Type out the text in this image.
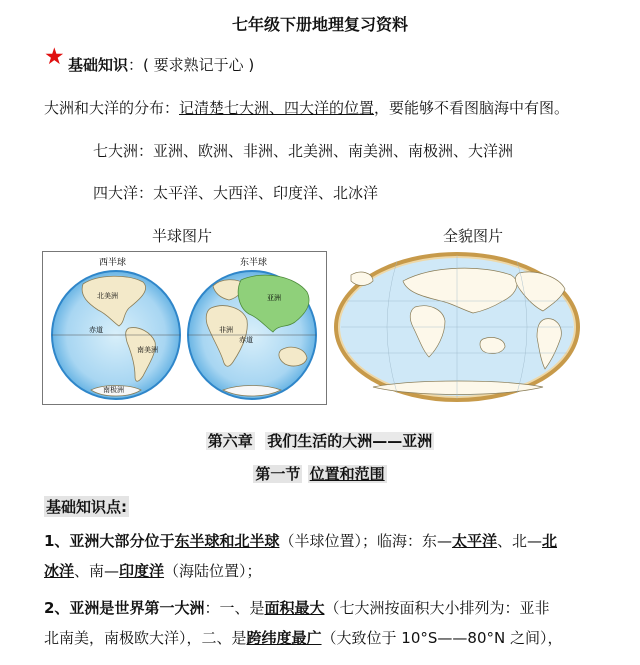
七年级下册地理复习资料
★ 基础知识：( 要求熟记于心 )
大洲和大洋的分布：记清楚七大洲、四大洋的位置，要能够不看图脑海中有图。
七大洲：亚洲、欧洲、非洲、北美洲、南美洲、南极洲、大洋洲
四大洋：太平洋、大西洋、印度洋、北冰洋
半球图片	全貌图片
西半球	东半球
北美洲
南美洲
非洲
亚洲
赤道
赤道
南极洲
第六章 我们生活的大洲——亚洲
第一节 位置和范围
基础知识点:
1、亚洲大部分位于东半球和北半球（半球位置）；临海：东—太平洋、北—北
冰洋、南—印度洋（海陆位置）；
2、亚洲是世界第一大洲：一、是面积最大（七大洲按面积大小排列为：亚非
北南美，南极欧大洋），二、是跨纬度最广（大致位于 10°S——80°N 之间），
